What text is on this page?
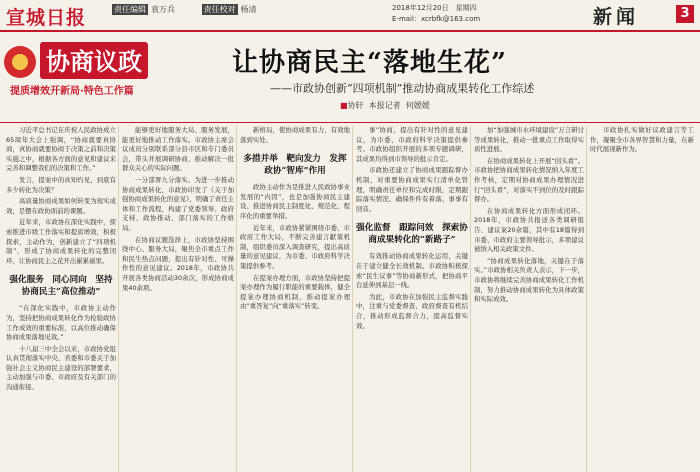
宣城日报	责任编辑 袁万兵	责任校对 杨清	2018年12月20日　星期四
E-mail：xcrbfk@163.com	新闻	3
协商议政
提质增效开新局·特色工作篇
让协商民主“落地生花”
——市政协创新“四项机制”推动协商成果转化工作综述
■协轩 本报记者 何媛媛

习近平总书记在庆祝人民政协成立65周年大会上强调，“协商就要真协商，真协商就要协商于决策之前和决策实施之中，根据各方面的意见和建议来完善和调整我们的决策和工作。”

发言，提案中的真知灼见，到底有多少转化为决策？

高质量协商成果如何转变为现实成效，是摆在政协面前的课题。

近年来，市政协在深化实践中，探索推进市级工作落实和提质增效，积极探索，主动作为，创新建立了“四项机制”，形成了协商成果转化的完整闭环，让协商民主之花开出累累硕果。

强化服务　同心同向　坚持协商民主“高位推动”

“在深化实践中，市政协主动作为，坚持把协商成果转化作为检验政协工作成效的重要标准，以高位推动确保协商成果落地见效。”

十八届三中全会以来，市政协党组认真贯彻落实中央、省委和市委关于加强社会主义协商民主建设的部署要求，主动加强与市委、市政府及有关部门的沟通衔接。

能够更好地服务大局、服务发展，能更好地推动工作落实。市政协主席会议成员分别联系部分县市区和专门委员会，带头开展调研协商，推动解决一批群众关心的实际问题。

一分部署九分落实。为进一步推动协商成果转化，市政协印发了《关于加强协商成果转化的意见》，明确了责任主体和工作流程，构建了党委领导、政府支持、政协推动、部门落实的工作格局。

在协商议题选择上，市政协坚持围绕中心、服务大局，聚焦全市重点工作和民生热点问题，提出有针对性、可操作性的意见建议。2018年，市政协共开展各类协商活动30余次，形成协商成果40余项。

新格局，使协商成果有力，有效地落到实处。

多措并举　靶向发力　发挥政协“智库”作用

政协主动作为是推进人民政协事业发展的“内因”，也是加强协商民主建设、推进协商民主制度化、规范化、程序化的重要举措。

近年来，市政协紧紧围绕市委、市政府工作大局，不断完善建言献策机制，组织委员深入调查研究，提出高质量的意见建议，为市委、市政府科学决策提供参考。

在提案办理方面，市政协坚持把提案办理作为履行职能的重要载体，健全提案办理协商机制，推动提案办理由“重答复”向“重落实”转变。

事”协商，提出有针对性的意见建议，为市委、市政府科学决策提供参考。市政协组织开展的多项专题调研，其成果均得到市领导的批示肯定。

市政协还建立了协商成果跟踪督办机制，对重要协商成果实行清单化管理，明确责任单位和完成时限，定期跟踪落实情况，确保件件有着落、事事有回音。

强化监督　跟踪问效　探索协商成果转化的“新路子”

有效推动协商成果转化运用，关键在于建立健全长效机制。市政协积极探索“民生议事”等协商新形式，把协商平台延伸到基层一线。

为此，市政协在加强民主监督实践中，注重与党委督查、政府督查有机结合，推动形成监督合力，提高监督实效。

加“加强城市水环境建设”万言研讨等成果转化，推动一批重点工作取得实质性进展。

在协商成果转化上开展“回头看”。市政协把协商成果转化情况纳入年度工作考核，定期对协商成果办理情况进行“回头看”，对落实不到位的及时跟踪督办。

在协商成果转化方面形成闭环。2018年，市政协共报送各类调研报告、建议案20余篇，其中有18篇得到市委、市政府主要领导批示，多项建议被纳入相关政策文件。

“协商成果转化落地，关键在于落实。”市政协相关负责人表示，下一步，市政协将继续完善协商成果转化工作机制，努力推动协商成果转化为具体政策和实际成效。

市政协扎实做好议政建言等工作，凝聚全市各界智慧和力量，在新时代展现新作为。
